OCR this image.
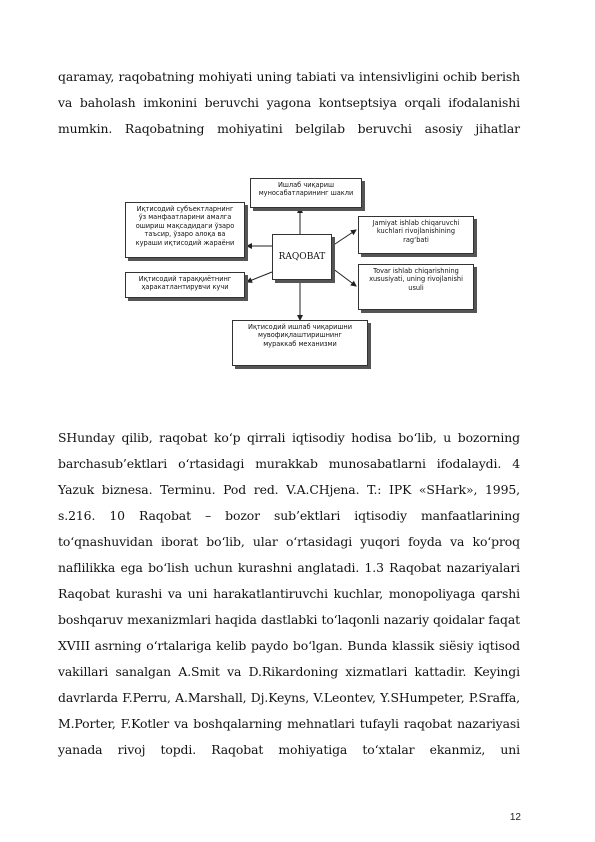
qaramay, raqobatning mohiyati uning tabiati va intensivligini ochib berish va baholash imkonini beruvchi yagona kontseptsiya orqali ifodalanishi mumkin. Raqobatning mohiyatini belgilab beruvchi asosiy jihatlar
Ишлаб чиқариш
муносабатларининг шакли
Иқтисодий субъектларнинг
ўз манфаатларини амалга
ошириш мақсадидаги ўзаро
таъсир, ўзаро алоқа ва
кураши иқтисодий жараёни
Иқтисодий тараққиётнинг
ҳаракатлантирувчи кучи
RAQOBAT
Jamiyat ishlab chiqaruvchi
kuchlari rivojlanishining
rag‘bati
Tovar ishlab chiqarishning
xususiyati, uning rivojlanishi
usuli
Иқтисодий ишлаб чиқаришни
мувофиқлаштиришнинг
мураккаб механизми
SHunday qilib, raqobat ko‘p qirrali iqtisodiy hodisa bo‘lib, u bozorning barchasub’ektlari o‘rtasidagi murakkab munosabatlarni ifodalaydi. 4 Yazuk biznesa. Terminu. Pod red. V.A.CHjena. T.: IPK «SHark», 1995, s.216. 10 Raqobat – bozor sub’ektlari iqtisodiy manfaatlarining to‘qnashuvidan iborat bo‘lib, ular o‘rtasidagi yuqori foyda va ko‘proq naflilikka ega bo‘lish uchun kurashni anglatadi. 1.3 Raqobat nazariyalari Raqobat kurashi va uni harakatlantiruvchi kuchlar, monopoliyaga qarshi boshqaruv mexanizmlari haqida dastlabki to‘laqonli nazariy qoidalar faqat XVIII asrning o‘rtalariga kelib paydo bo‘lgan. Bunda klassik siёsiy iqtisod vakillari sanalgan A.Smit va D.Rikardoning xizmatlari kattadir. Keyingi davrlarda F.Perru, A.Marshall, Dj.Keyns, V.Leontev, Y.SHumpeter, P.Sraffa, M.Porter, F.Kotler va boshqalarning mehnatlari tufayli raqobat nazariyasi yanada rivoj topdi. Raqobat mohiyatiga to‘xtalar ekanmiz, uni
12
